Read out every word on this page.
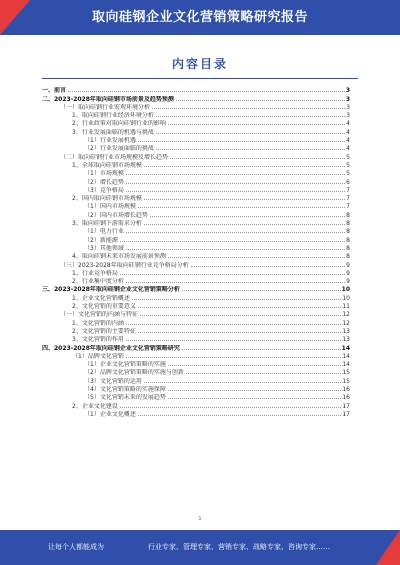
取向硅钢企业文化营销策略研究报告
内容目录
一、前言	3
二、2023-2028年取向硅钢市场前景及趋势预测	3
（一）取向硅钢行业宏观环境分析	3
1、取向硅钢行业经济环境分析	3
2、行业政策对取向硅钢行业的影响	4
3、行业发展面临的机遇与挑战	4
（1）行业发展机遇	4
（2）行业发展面临的挑战	4
（二）取向硅钢行业市场规模及增长趋势	5
1、全球取向硅钢市场规模	5
（1）市场规模	5
（2）增长趋势	6
（3）竞争格局	7
2、国内取向硅钢市场规模	7
（1）国内市场规模	7
（2）国内市场增长趋势	8
3、取向硅钢下游需求分析	8
（1）电力行业	8
（2）新能源	8
（3）其他领域	8
4、取向硅钢未来市场发展前景预测	8
（三）2023-2028年取向硅钢行业竞争格局分析	9
1、行业竞争格局	9
2、行业集中度分析	9
三、2023-2028年取向硅钢企业文化营销策略分析	10
1、企业文化营销概述	10
2、文化营销的重要意义	11
（一）文化营销的内涵与特征	12
1、文化营销的内涵	12
2、文化营销的主要特征	13
3、文化营销的作用	13
四、2023-2028年取向硅钢企业文化营销策略研究	14
（1）品牌文化营销	14
（1）企业文化营销策略的实施	14
（2）品牌文化营销策略的实施与创新	15
（3）文化营销的运用	15
（4）文化营销策略的实施保障	16
（5）文化营销未来的发展趋势	16
2、企业文化建设	17
（1）企业文化概述	17
1
让每个人都能成为	行业专家、管理专家、营销专家、战略专家、咨询专家……
